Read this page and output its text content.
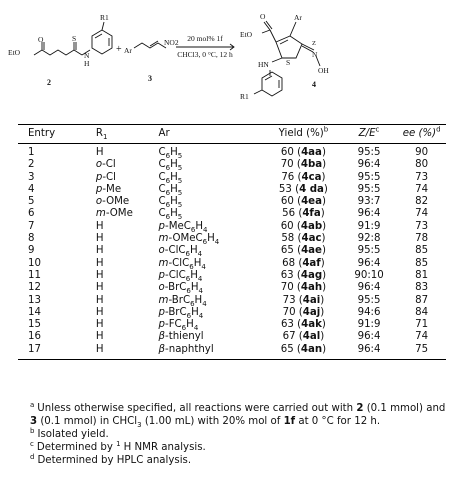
EtO
O	S
N
H
R1
2
+ Ar
NO2
3
20 mol% 1f
CHCl3, 0 °C, 12 h
EtO
O	Ar
S
Z
N
OH
HN
R1
4
Entry	$R_1$	Ar	Yield (%)$^b$	$Z/E^c$	ee (%)$^d$
1	H	$C_6H_5$	60 (4aa)	95:5	90
2	o-Cl	$C_6H_5$	70 (4ba)	96:4	80
3	p-Cl	$C_6H_5$	76 (4ca)	95:5	73
4	p-Me	$C_6H_5$	53 (4 da)	95:5	74
5	o-OMe	$C_6H_5$	60 (4ea)	93:7	82
6	m-OMe	$C_6H_5$	56 (4fa)	96:4	74
7	H	$p-MeC_6H_4$	60 (4ab)	91:9	73
8	H	$m-OMeC_6H_4$	58 (4ac)	92:8	78
9	H	$o-ClC_6H_4$	65 (4ae)	95:5	85
10	H	$m-ClC_6H_4$	68 (4af)	96:4	85
11	H	$p-ClC_6H_4$	63 (4ag)	90:10	81
12	H	$o-BrC_6H_4$	70 (4ah)	96:4	83
13	H	$m-BrC_6H_4$	73 (4ai)	95:5	87
14	H	$p-BrC_6H_4$	70 (4aj)	94:6	84
15	H	$p-FC_6H_4$	63 (4ak)	91:9	71
16	H	β-thienyl	67 (4al)	96:4	74
17	H	β-naphthyl	65 (4an)	96:4	75

$^a$ Unless otherwise specified, all reactions were carried out with 2 (0.1 mmol) and 3 (0.1 mmol) in CHCl$_3$ (1.00 mL) with 20% mol of 1f at 0 °C for 12 h.

$^b$ Isolated yield.

$^c$ Determined by $^1$ H NMR analysis.

$^d$ Determined by HPLC analysis.
